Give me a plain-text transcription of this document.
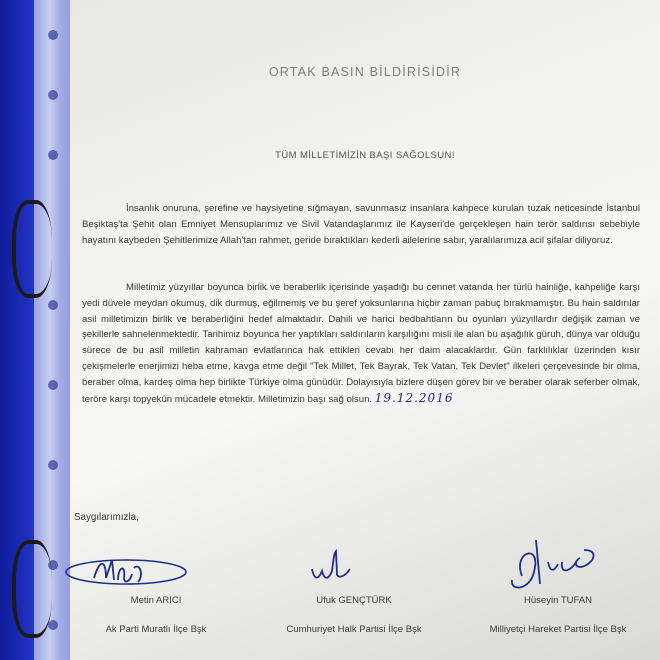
ORTAK BASIN BİLDİRİSİDİR
TÜM MİLLETİMİZİN BAŞI SAĞOLSUN!
İnsanlık onuruna, şerefine ve haysiyetine sığmayan, savunmasız insanlara kahpece kurulan tuzak neticesinde İstanbul Beşiktaş'ta Şehit olan Emniyet Mensuplarımız ve Sivil Vatandaşlarımız ile Kayseri'de gerçekleşen hain terör saldırısı sebebiyle hayatını kaybeden Şehitlerimize Allah'tan rahmet, geride bıraktıkları kederli ailelerine sabır, yaralılarımıza acil şifalar diliyoruz.
Milletimiz yüzyıllar boyunca birlik ve beraberlik içerisinde yaşadığı bu cennet vatanda her türlü hainliğe, kahpeliğe karşı yedi düvele meydan okumuş, dik durmuş, eğilmemiş ve bu şeref yoksunlarına hiçbir zaman pabuç bırakmamıştır. Bu hain saldırılar asil milletimizin birlik ve beraberliğini hedef almaktadır. Dahili ve harici bedbahtların bu oyunları yüzyıllardır değişik zaman ve şekillerle sahnelenmektedir. Tarihimiz boyunca her yaptıkları saldırıların karşılığını misli ile alan bu aşağılık güruh, dünya var olduğu sürece de bu asil milletin kahraman evlatlarınca hak ettikleri cevabı her daim alacaklardır. Gün farklılıklar üzerinden kısır çekişmelerle enerjimizi heba etme, kavga etme değil "Tek Millet, Tek Bayrak, Tek Vatan, Tek Devlet" ilkeleri çerçevesinde bir olma, beraber olma, kardeş olma hep birlikte Türkiye olma günüdür. Dolayısıyla bizlere düşen görev bir ve beraber olarak seferber olmak, teröre karşı topyekûn mücadele etmektir. Milletimizin başı sağ olsun. 19.12.2016
Saygılarımızla,
Metin ARICI
Ak Parti Muratlı İlçe Bşk
Ufuk GENÇTÜRK
Cumhuriyet Halk Partisi İlçe Bşk
Hüseyin TUFAN
Milliyetçi Hareket Partisi İlçe Bşk
